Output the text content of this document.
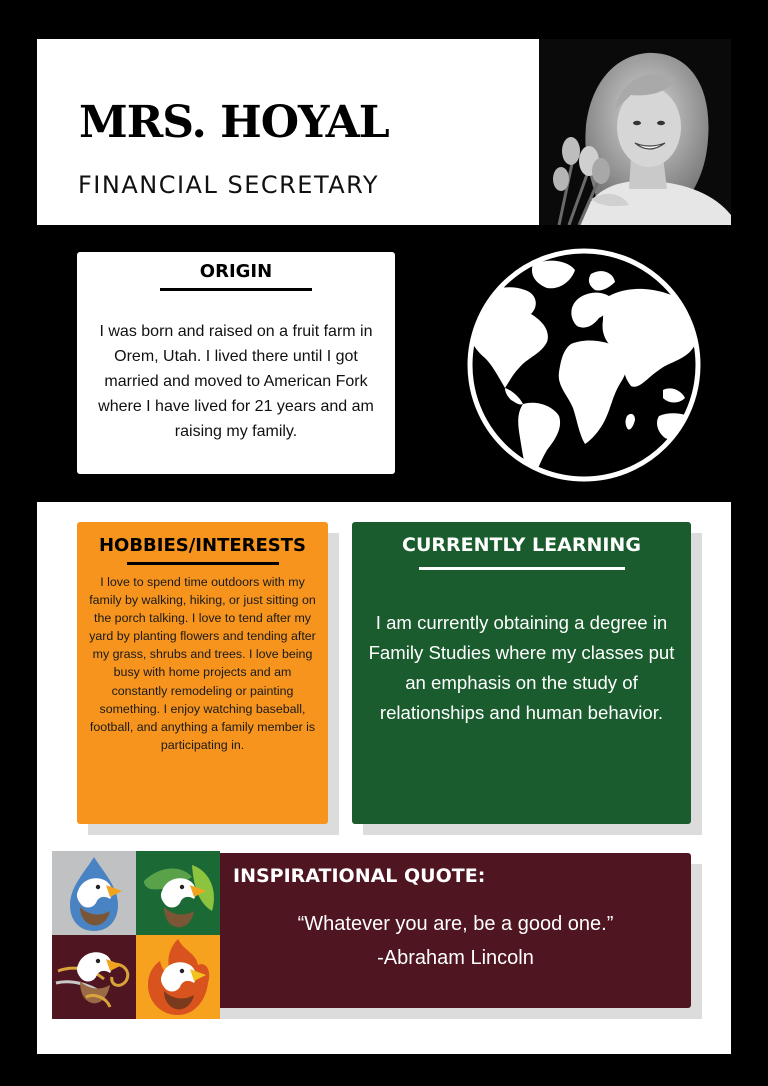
MRS. HOYAL
FINANCIAL SECRETARY
ORIGIN

I was born and raised on a fruit farm in Orem, Utah. I lived there until I got married and moved to American Fork where I have lived for 21 years and am raising my family.

HOBBIES/INTERESTS

I love to spend time outdoors with my family by walking, hiking, or just sitting on the porch talking. I love to tend after my yard by planting flowers and tending after my grass, shrubs and trees. I love being busy with home projects and am constantly remodeling or painting something. I enjoy watching baseball, football, and anything a family member is participating in.

CURRENTLY LEARNING

I am currently obtaining a degree in Family Studies where my classes put an emphasis on the study of relationships and human behavior.

INSPIRATIONAL QUOTE:
“Whatever you are, be a good one.”
-Abraham Lincoln
